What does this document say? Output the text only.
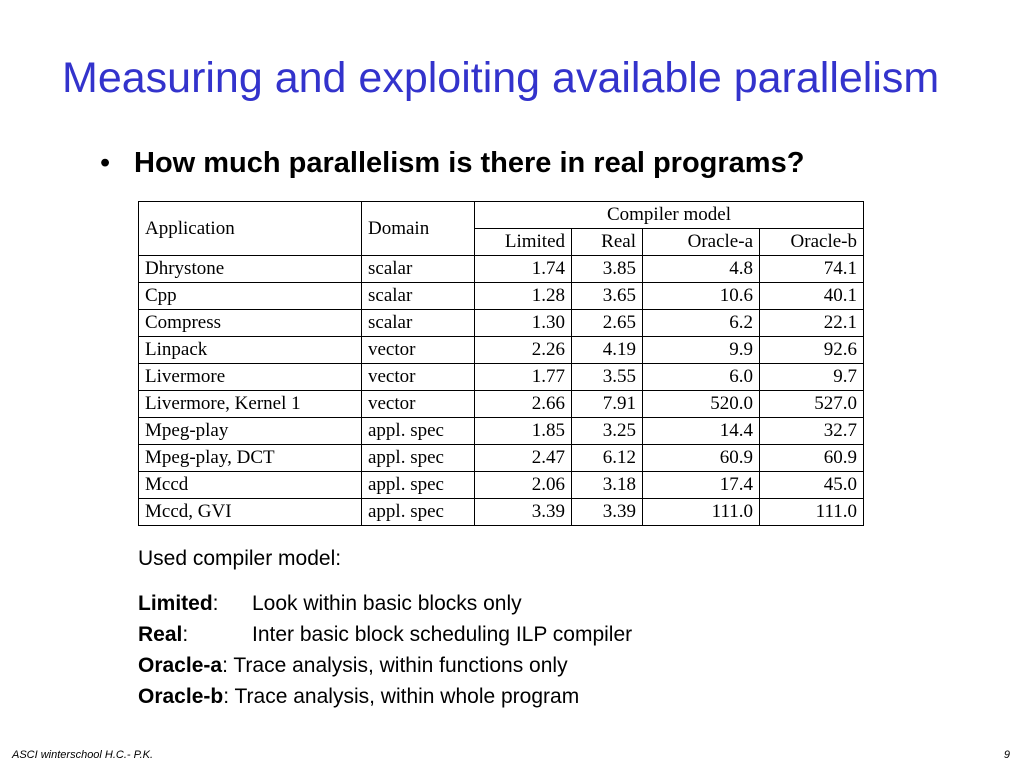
Measuring and exploiting available parallelism
• How much parallelism is there in real programs?
Application	Domain	Compiler model			
		Limited	Real	Oracle-a	Oracle-b
Dhrystone	scalar	1.74	3.85	4.8	74.1
Cpp	scalar	1.28	3.65	10.6	40.1
Compress	scalar	1.30	2.65	6.2	22.1
Linpack	vector	2.26	4.19	9.9	92.6
Livermore	vector	1.77	3.55	6.0	9.7
Livermore, Kernel 1	vector	2.66	7.91	520.0	527.0
Mpeg-play	appl. spec	1.85	3.25	14.4	32.7
Mpeg-play, DCT	appl. spec	2.47	6.12	60.9	60.9
Mccd	appl. spec	2.06	3.18	17.4	45.0
Mccd, GVI	appl. spec	3.39	3.39	111.0	111.0
Used compiler model:
Limited: Look within basic blocks only
Real:	Inter basic block scheduling ILP compiler
Oracle-a: Trace analysis, within functions only
Oracle-b: Trace analysis, within whole program
ASCI winterschool H.C.- P.K.	9
